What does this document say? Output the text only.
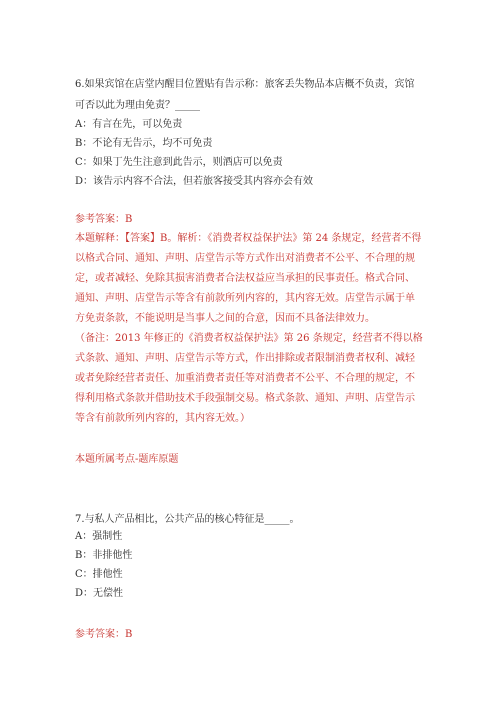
6.如果宾馆在店堂内醒目位置贴有告示称：旅客丢失物品本店概不负责，宾馆

可否以此为理由免责？_____

A：有言在先，可以免责

B：不论有无告示，均不可免责

C：如果丁先生注意到此告示，则酒店可以免责

D：该告示内容不合法，但若旅客接受其内容亦会有效

参考答案：B

本题解释：【答案】B。解析：《消费者权益保护法》第 24 条规定，经营者不得

以格式合同、通知、声明、店堂告示等方式作出对消费者不公平、不合理的规

定，或者减轻、免除其损害消费者合法权益应当承担的民事责任。格式合同、

通知、声明、店堂告示等含有前款所列内容的，其内容无效。店堂告示属于单

方免责条款，不能说明是当事人之间的合意，因而不具备法律效力。

（备注：2013 年修正的《消费者权益保护法》第 26 条规定，经营者不得以格

式条款、通知、声明、店堂告示等方式，作出排除或者限制消费者权利、减轻

或者免除经营者责任、加重消费者责任等对消费者不公平、不合理的规定，不

得利用格式条款并借助技术手段强制交易。格式条款、通知、声明、店堂告示

等含有前款所列内容的，其内容无效。）

本题所属考点-题库原题

7.与私人产品相比，公共产品的核心特征是_____。

A：强制性

B：非排他性

C：排他性

D：无偿性

参考答案：B
